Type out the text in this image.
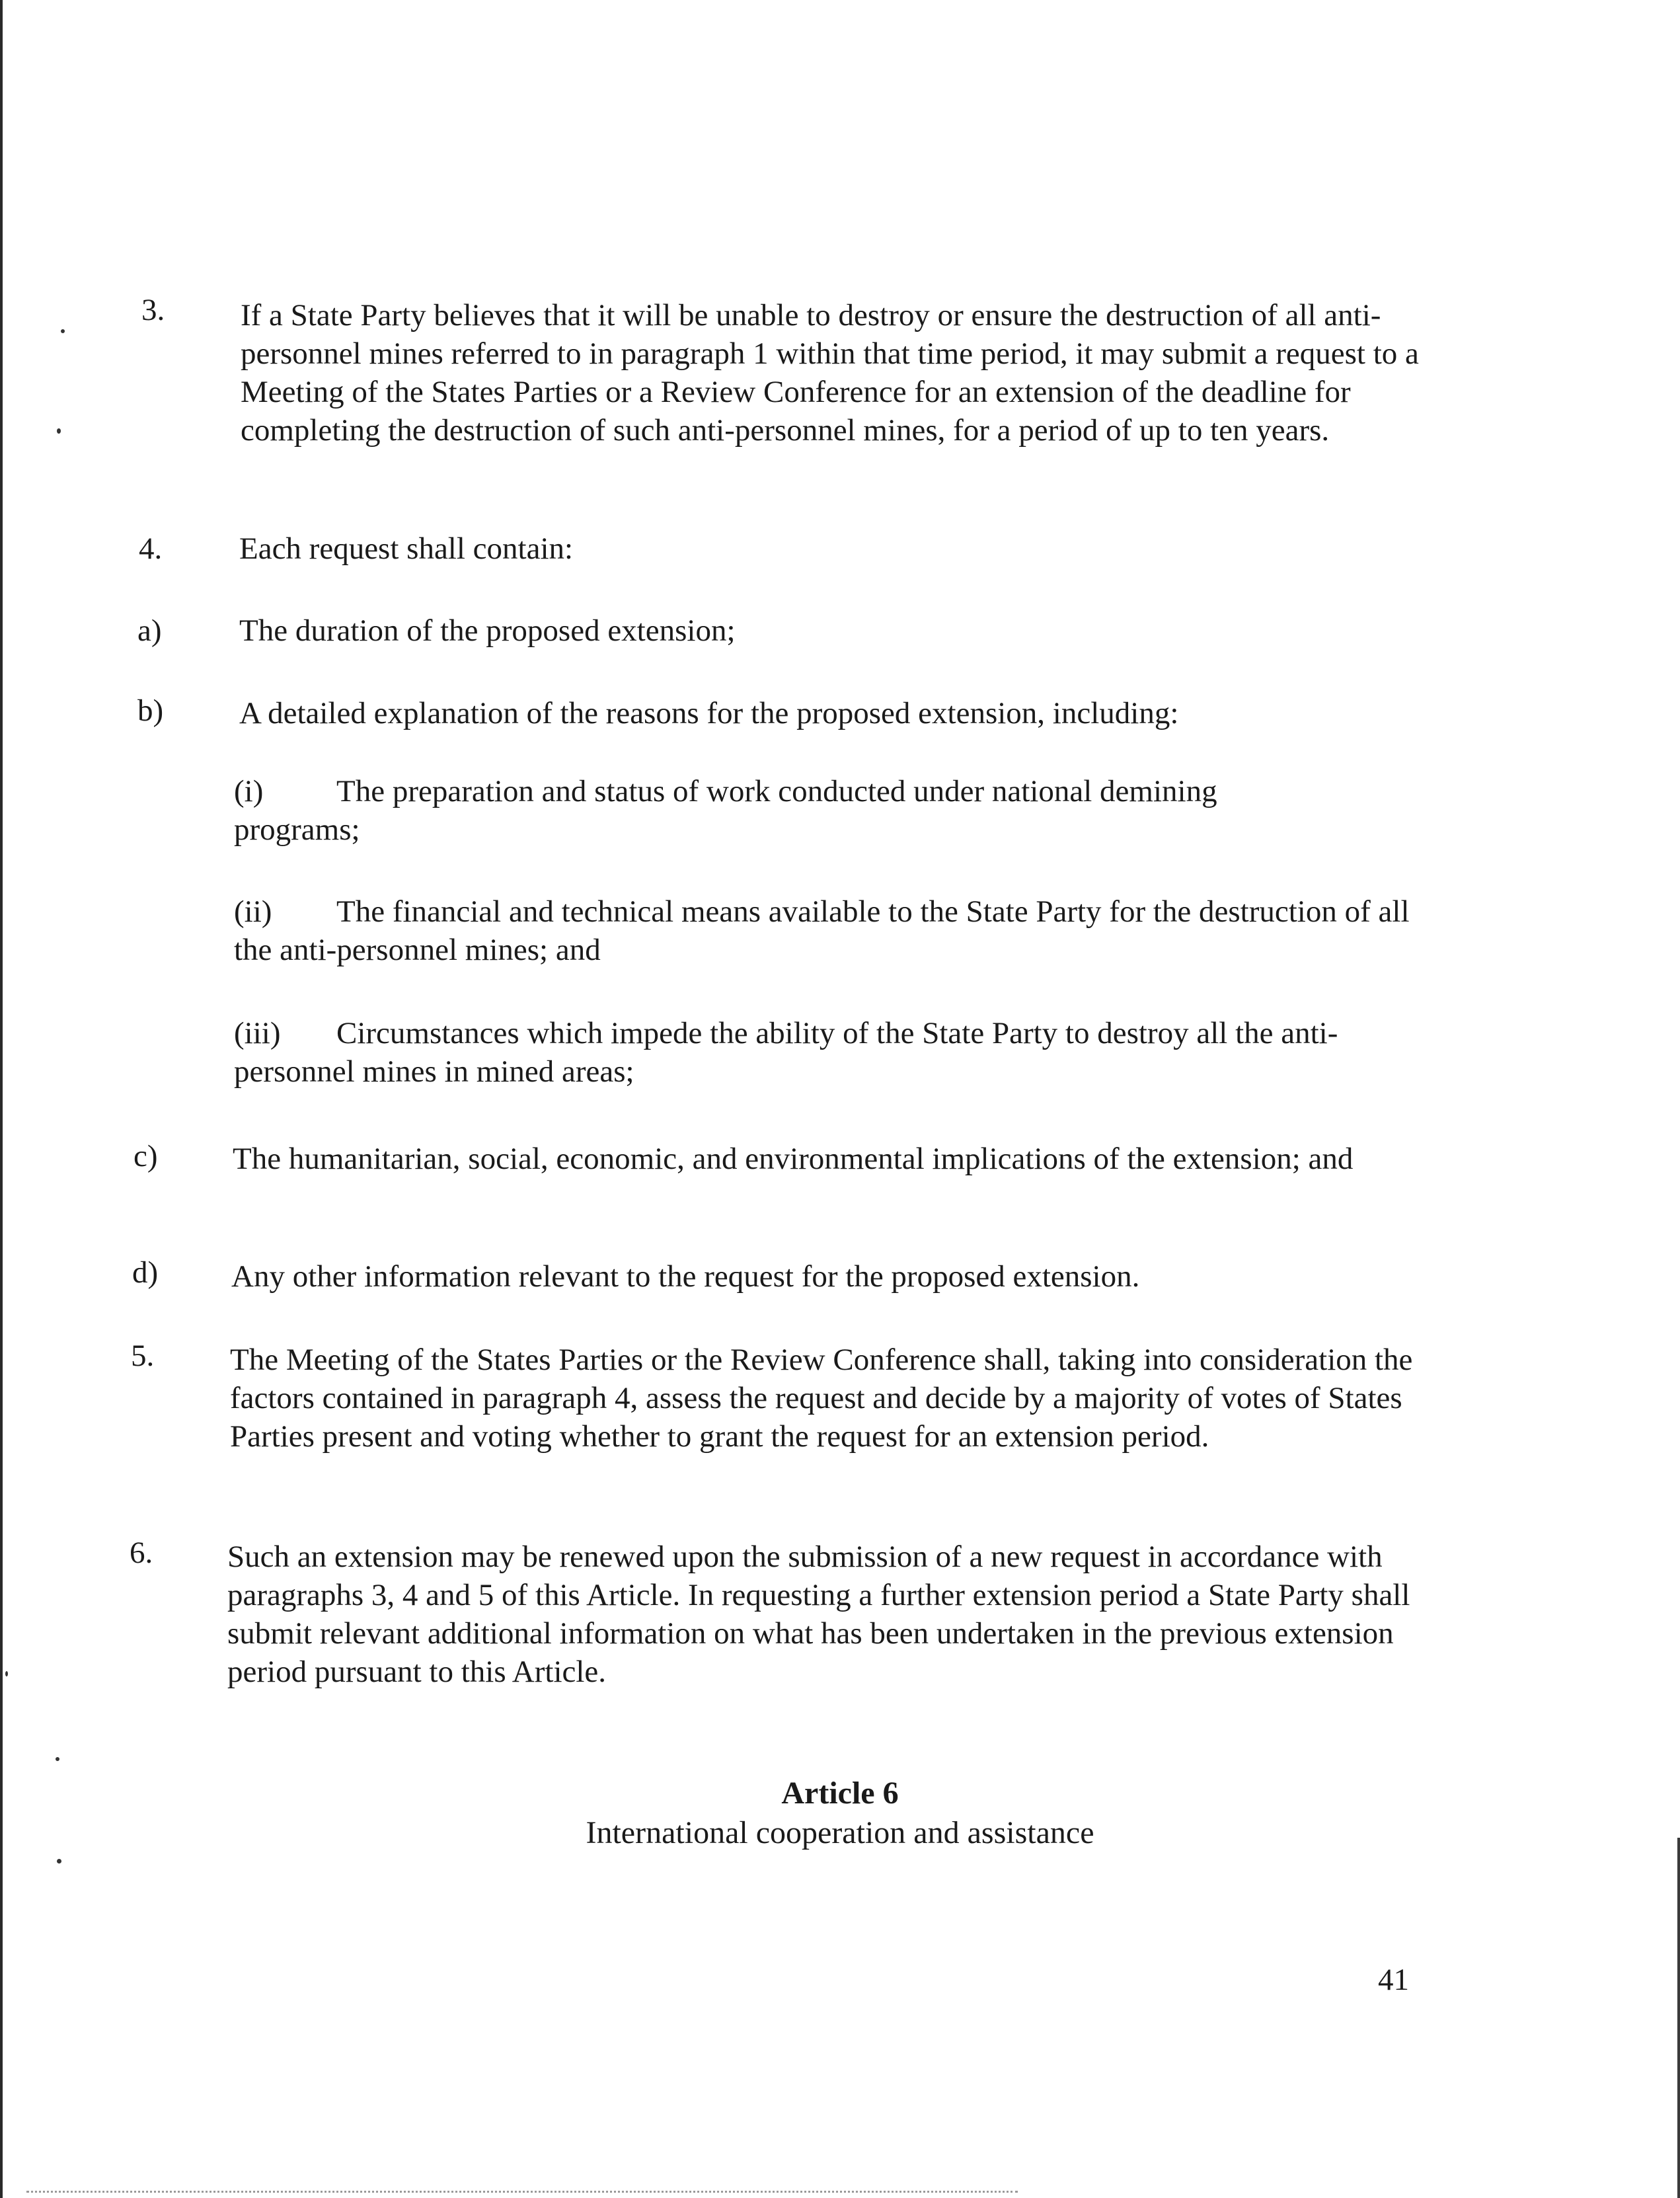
3. If a State Party believes that it will be unable to destroy or ensure the destruction of all anti-personnel mines referred to in paragraph 1 within that time period, it may submit a request to a Meeting of the States Parties or a Review Conference for an extension of the deadline for completing the destruction of such anti-personnel mines, for a period of up to ten years.

4. Each request shall contain:

a) The duration of the proposed extension;

b) A detailed explanation of the reasons for the proposed extension, including:

(i) The preparation and status of work conducted under national demining programs;

(ii) The financial and technical means available to the State Party for the destruction of all the anti-personnel mines; and

(iii) Circumstances which impede the ability of the State Party to destroy all the anti-personnel mines in mined areas;

c) The humanitarian, social, economic, and environmental implications of the extension; and

d) Any other information relevant to the request for the proposed extension.

5. The Meeting of the States Parties or the Review Conference shall, taking into consideration the factors contained in paragraph 4, assess the request and decide by a majority of votes of States Parties present and voting whether to grant the request for an extension period.

6. Such an extension may be renewed upon the submission of a new request in accordance with paragraphs 3, 4 and 5 of this Article. In requesting a further extension period a State Party shall submit relevant additional information on what has been undertaken in the previous extension period pursuant to this Article.

Article 6

International cooperation and assistance

41
